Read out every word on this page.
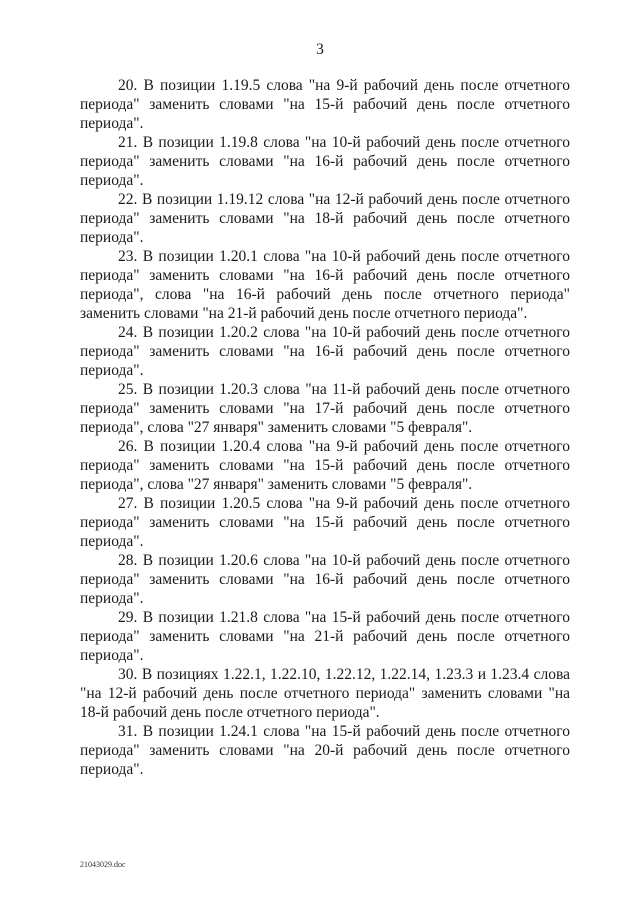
3

20. В позиции 1.19.5 слова "на 9-й рабочий день после отчетного периода" заменить словами "на 15-й рабочий день после отчетного периода".

21. В позиции 1.19.8 слова "на 10-й рабочий день после отчетного периода" заменить словами "на 16-й рабочий день после отчетного периода".

22. В позиции 1.19.12 слова "на 12-й рабочий день после отчетного периода" заменить словами "на 18-й рабочий день после отчетного периода".

23. В позиции 1.20.1 слова "на 10-й рабочий день после отчетного периода" заменить словами "на 16-й рабочий день после отчетного периода", слова "на 16-й рабочий день после отчетного периода" заменить словами "на 21-й рабочий день после отчетного периода".

24. В позиции 1.20.2 слова "на 10-й рабочий день после отчетного периода" заменить словами "на 16-й рабочий день после отчетного периода".

25. В позиции 1.20.3 слова "на 11-й рабочий день после отчетного периода" заменить словами "на 17-й рабочий день после отчетного периода", слова "27 января" заменить словами "5 февраля".

26. В позиции 1.20.4 слова "на 9-й рабочий день после отчетного периода" заменить словами "на 15-й рабочий день после отчетного периода", слова "27 января" заменить словами "5 февраля".

27. В позиции 1.20.5 слова "на 9-й рабочий день после отчетного периода" заменить словами "на 15-й рабочий день после отчетного периода".

28. В позиции 1.20.6 слова "на 10-й рабочий день после отчетного периода" заменить словами "на 16-й рабочий день после отчетного периода".

29. В позиции 1.21.8 слова "на 15-й рабочий день после отчетного периода" заменить словами "на 21-й рабочий день после отчетного периода".

30. В позициях 1.22.1, 1.22.10, 1.22.12, 1.22.14, 1.23.3 и 1.23.4 слова "на 12-й рабочий день после отчетного периода" заменить словами "на 18-й рабочий день после отчетного периода".

31. В позиции 1.24.1 слова "на 15-й рабочий день после отчетного периода" заменить словами "на 20-й рабочий день после отчетного периода".

21043029.doc
